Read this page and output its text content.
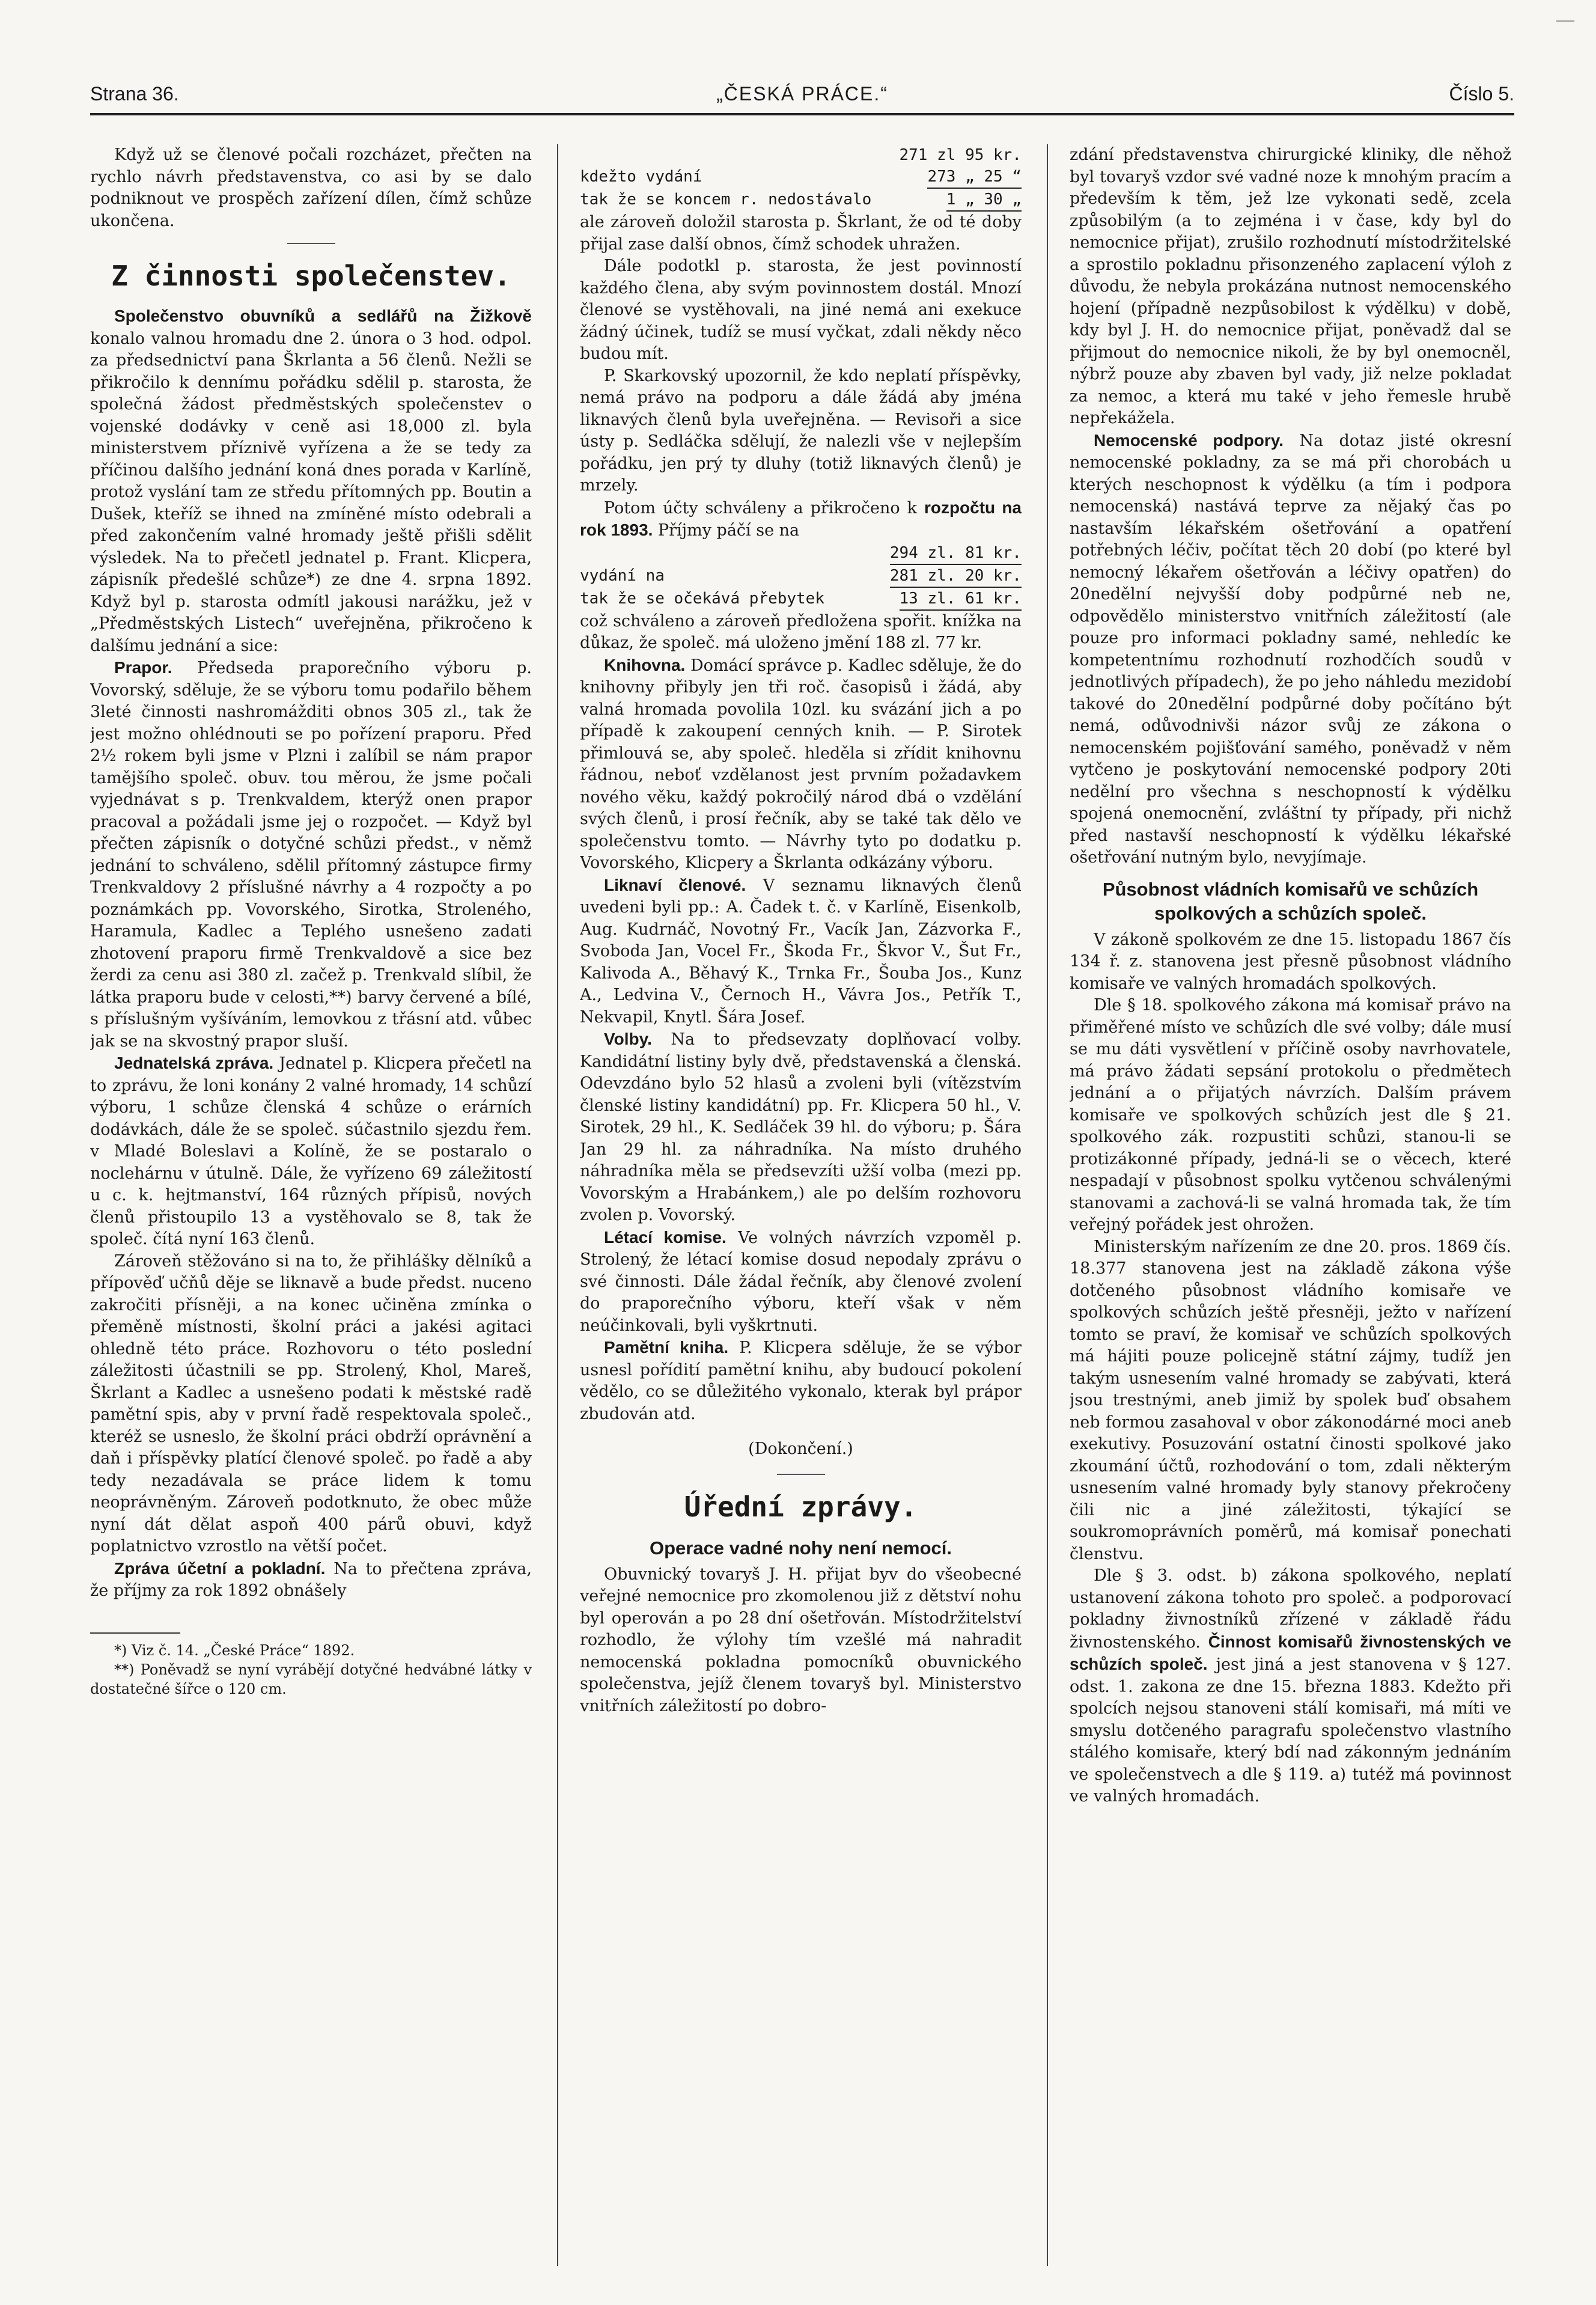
Strana 36.	„ČESKÁ PRÁCE.“	Číslo 5.

Když už se členové počali rozcházet, přečten na rychlo návrh představenstva, co asi by se dalo podniknout ve prospěch zařízení dílen, čímž schůze ukončena.

Z činnosti společenstev.

Společenstvo obuvníků a sedlářů na Žižkově konalo valnou hromadu dne 2. února o 3 hod. odpol. za předsednictví pana Škrlanta a 56 členů. Nežli se přikročilo k dennímu pořádku sdělil p. starosta, že společná žádost předměstských společenstev o vojenské dodávky v ceně asi 18,000 zl. byla ministerstvem příznivě vyřízena a že se tedy za příčinou dalšího jednání koná dnes porada v Karlíně, protož vyslání tam ze středu přítomných pp. Boutin a Dušek, kteříž se ihned na zmíněné místo odebrali a před zakončením valné hromady ještě přišli sdělit výsledek. Na to přečetl jednatel p. Frant. Klicpera, zápisník předešlé schůze*) ze dne 4. srpna 1892. Když byl p. starosta odmítl jakousi narážku, jež v „Předměstských Listech“ uveřejněna, přikročeno k dalšímu jednání a sice:

Prapor. Předseda praporečního výboru p. Vovorský, sděluje, že se výboru tomu podařilo během 3leté činnosti nashromážditi obnos 305 zl., tak že jest možno ohlédnouti se po pořízení praporu. Před 2½ rokem byli jsme v Plzni i zalíbil se nám prapor tamějšího společ. obuv. tou měrou, že jsme počali vyjednávat s p. Trenkvaldem, kterýž onen prapor pracoval a požádali jsme jej o rozpočet. — Když byl přečten zápisník o dotyčné schůzi předst., v němž jednání to schváleno, sdělil přítomný zástupce firmy Trenkvaldovy 2 příslušné návrhy a 4 rozpočty a po poznámkách pp. Vovorského, Sirotka, Stroleného, Haramula, Kadlec a Teplého usnešeno zadati zhotovení praporu firmě Trenkvaldově a sice bez žerdi za cenu asi 380 zl. začež p. Trenkvald slíbil, že látka praporu bude v celosti,**) barvy červené a bílé, s příslušným vyšíváním, lemovkou z třásní atd. vůbec jak se na skvostný prapor sluší.

Jednatelská zpráva. Jednatel p. Klicpera přečetl na to zprávu, že loni konány 2 valné hromady, 14 schůzí výboru, 1 schůze členská 4 schůze o erárních dodávkách, dále že se společ. súčastnilo sjezdu řem. v Mladé Boleslavi a Kolíně, že se postaralo o noclehárnu v útulně. Dále, že vyřízeno 69 záležitostí u c. k. hejtmanství, 164 různých přípisů, nových členů přistoupilo 13 a vystěhovalo se 8, tak že společ. čítá nyní 163 členů.

Zároveň stěžováno si na to, že přihlášky dělníků a přípověď učňů děje se liknavě a bude předst. nuceno zakročiti přísněji, a na konec učiněna zmínka o přeměně místnosti, školní práci a jakési agitaci ohledně této práce. Rozhovoru o této poslední záležitosti účastnili se pp. Strolený, Khol, Mareš, Škrlant a Kadlec a usnešeno podati k městské radě pamětní spis, aby v první řadě respektovala společ., kteréž se usneslo, že školní práci obdrží oprávnění a daň i příspěvky platící členové společ. po řadě a aby tedy nezadávala se práce lidem k tomu neoprávněným. Zároveň podotknuto, že obec může nyní dát dělat aspoň 400 párů obuvi, když poplatnictvo vzrostlo na větší počet.

Zpráva účetní a pokladní. Na to přečtena zpráva, že příjmy za rok 1892 obnášely

*) Viz č. 14. „České Práce“ 1892.

**) Poněvadž se nyní vyrábějí dotyčné hedvábné látky v dostatečné šířce o 120 cm.

271 zl 95 kr.
kdežto vydání	273 „ 25 “
tak že se koncem r. nedostávalo	1 „ 30 „

ale zároveň doložil starosta p. Škrlant, že od té doby přijal zase další obnos, čímž schodek uhražen.

Dále podotkl p. starosta, že jest povinností každého člena, aby svým povinnostem dostál. Mnozí členové se vystěhovali, na jiné nemá ani exekuce žádný účinek, tudíž se musí vyčkat, zdali někdy něco budou mít.

P. Skarkovský upozornil, že kdo neplatí příspěvky, nemá právo na podporu a dále žádá aby jména liknavých členů byla uveřejněna. — Revisoři a sice ústy p. Sedláčka sdělují, že nalezli vše v nejlepším pořádku, jen prý ty dluhy (totiž liknavých členů) je mrzely.

Potom účty schváleny a přikročeno k rozpočtu na rok 1893. Příjmy páčí se na

294 zl. 81 kr.
vydání na	281 zl. 20 kr.
tak že se očekává přebytek	13 zl. 61 kr.

což schváleno a zároveň předložena spořit. knížka na důkaz, že společ. má uloženo jmění 188 zl. 77 kr.

Knihovna. Domácí správce p. Kadlec sděluje, že do knihovny přibyly jen tři roč. časopisů i žádá, aby valná hromada povolila 10zl. ku svázání jich a po případě k zakoupení cenných knih. — P. Sirotek přimlouvá se, aby společ. hleděla si zřídit knihovnu řádnou, neboť vzdělanost jest prvním požadavkem nového věku, každý pokročilý národ dbá o vzdělání svých členů, i prosí řečník, aby se také tak dělo ve společenstvu tomto. — Návrhy tyto po dodatku p. Vovorského, Klicpery a Škrlanta odkázány výboru.

Liknaví členové. V seznamu liknavých členů uvedeni byli pp.: A. Čadek t. č. v Karlíně, Eisenkolb, Aug. Kudrnáč, Novotný Fr., Vacík Jan, Zázvorka F., Svoboda Jan, Vocel Fr., Škoda Fr., Škvor V., Šut Fr., Kalivoda A., Běhavý K., Trnka Fr., Šouba Jos., Kunz A., Ledvina V., Černoch H., Vávra Jos., Petřík T., Nekvapil, Knytl. Šára Josef.

Volby. Na to předsevzaty doplňovací volby. Kandidátní listiny byly dvě, představenská a členská. Odevzdáno bylo 52 hlasů a zvoleni byli (vítězstvím členské listiny kandidátní) pp. Fr. Klicpera 50 hl., V. Sirotek, 29 hl., K. Sedláček 39 hl. do výboru; p. Šára Jan 29 hl. za náhradníka. Na místo druhého náhradníka měla se předsevzíti užší volba (mezi pp. Vovorským a Hrabánkem,) ale po delším rozhovoru zvolen p. Vovorský.

Létací komise. Ve volných návrzích vzpoměl p. Strolený, že létací komise dosud nepodaly zprávu o své činnosti. Dále žádal řečník, aby členové zvolení do praporečního výboru, kteří však v něm neúčinkovali, byli vyškrtnuti.

Pamětní kniha. P. Klicpera sděluje, že se výbor usnesl pořídití pamětní knihu, aby budoucí pokolení vědělo, co se důležitého vykonalo, kterak byl prápor zbudován atd.

(Dokončení.)

Úřední zprávy.
Operace vadné nohy není nemocí.

Obuvnický tovaryš J. H. přijat byv do všeobecné veřejné nemocnice pro zkomolenou již z dětství nohu byl operován a po 28 dní ošetřován. Místodržitelství rozhodlo, že výlohy tím vzešlé má nahradit nemocenská pokladna pomocníků obuvnického společenstva, jejíž členem tovaryš byl. Ministerstvo vnitřních záležitostí po dobro-

zdání představenstva chirurgické kliniky, dle něhož byl tovaryš vzdor své vadné noze k mnohým pracím a především k těm, jež lze vykonati sedě, zcela způsobilým (a to zejména i v čase, kdy byl do nemocnice přijat), zrušilo rozhodnutí místodržitelské a sprostilo pokladnu přisonzeného zaplacení výloh z důvodu, že nebyla prokázána nutnost nemocenského hojení (případně nezpůsobilost k výdělku) v době, kdy byl J. H. do nemocnice přijat, poněvadž dal se přijmout do nemocnice nikoli, že by byl onemocněl, nýbrž pouze aby zbaven byl vady, již nelze pokladat za nemoc, a která mu také v jeho řemesle hrubě nepřekážela.

Nemocenské podpory. Na dotaz jisté okresní nemocenské pokladny, za se má při chorobách u kterých neschopnost k výdělku (a tím i podpora nemocenská) nastává teprve za nějaký čas po nastavším lékařském ošetřování a opatření potřebných léčiv, počítat těch 20 dobí (po které byl nemocný lékařem ošetřován a léčivy opatřen) do 20nedělní nejvyšší doby podpůrné neb ne, odpovědělo ministerstvo vnitřních záležitostí (ale pouze pro informaci pokladny samé, nehledíc ke kompetentnímu rozhodnutí rozhodčích soudů v jednotlivých případech), že po jeho náhledu mezidobí takové do 20nedělní podpůrné doby počítáno být nemá, odůvodnivši názor svůj ze zákona o nemocenském pojišťování samého, poněvadž v něm vytčeno je poskytování nemocenské podpory 20ti nedělní pro všechna s neschopností k výdělku spojená onemocnění, zvláštní ty případy, při nichž před nastavší neschopností k výdělku lékařské ošetřování nutným bylo, nevyjímaje.

Působnost vládních komisařů ve schůzích spolkových a schůzích společ.

V zákoně spolkovém ze dne 15. listopadu 1867 čís 134 ř. z. stanovena jest přesně působnost vládního komisaře ve valných hromadách spolkových.

Dle § 18. spolkového zákona má komisař právo na přiměřené místo ve schůzích dle své volby; dále musí se mu dáti vysvětlení v příčině osoby navrhovatele, má právo žádati sepsání protokolu o předmětech jednání a o přijatých návrzích. Dalším právem komisaře ve spolkových schůzích jest dle § 21. spolkového zák. rozpustiti schůzi, stanou-li se protizákonné případy, jedná-li se o věcech, které nespadají v působnost spolku vytčenou schválenými stanovami a zachová-li se valná hromada tak, že tím veřejný pořádek jest ohrožen.

Ministerským nařízením ze dne 20. pros. 1869 čís. 18.377 stanovena jest na základě zákona výše dotčeného působnost vládního komisaře ve spolkových schůzích ještě přesněji, ježto v nařízení tomto se praví, že komisař ve schůzích spolkových má hájiti pouze policejně státní zájmy, tudíž jen takým usnesením valné hromady se zabývati, která jsou trestnými, aneb jimiž by spolek buď obsahem neb formou zasahoval v obor zákonodárné moci aneb exekutivy. Posuzování ostatní činosti spolkové jako zkoumání účtů, rozhodování o tom, zdali některým usnesením valné hromady byly stanovy překročeny čili nic a jiné záležitosti, týkající se soukromoprávních poměrů, má komisař ponechati členstvu.

Dle § 3. odst. b) zákona spolkového, neplatí ustanovení zákona tohoto pro společ. a podporovací pokladny živnostníků zřízené v základě řádu živnostenského. Činnost komisařů živnostenských ve schůzích společ. jest jiná a jest stanovena v § 127. odst. 1. zakona ze dne 15. března 1883. Kdežto při spolcích nejsou stanoveni stálí komisaři, má míti ve smyslu dotčeného paragrafu společenstvo vlastního stálého komisaře, který bdí nad zákonným jednáním ve společenstvech a dle § 119. a) tutéž má povinnost ve valných hromadách.
